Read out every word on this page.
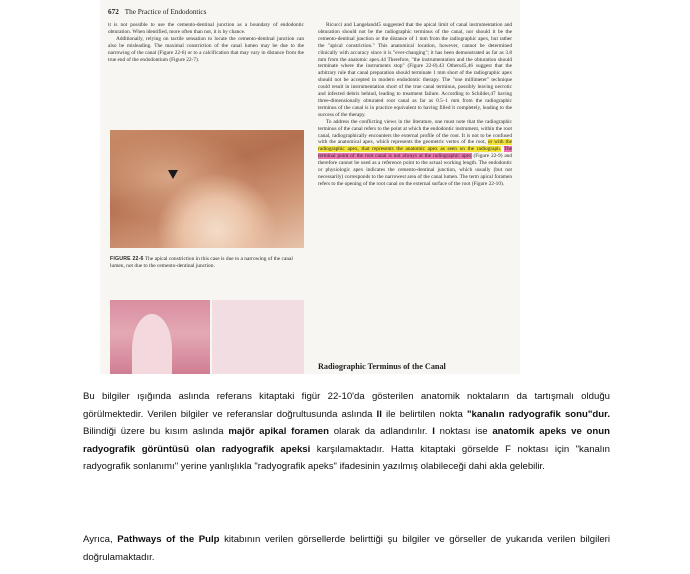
672 The Practice of Endodontics

it is not possible to use the cemento-dentinal junction as a boundary of endodontic obturation. When identified, more often than not, it is by chance.

Additionally, relying on tactile sensation to locate the cemento-dentinal junction can also be misleading. The maximal constriction of the canal lumen may be due to the narrowing of the canal (Figure 22-6) or to a calcification that may vary in distance from the true end of the endodontium (Figure 22-7).

FIGURE 22-6 The apical constriction in this case is due to a narrowing of the canal lumen, not due to the cemento-dentinal junction.

Ricucci and Langeland45 suggested that the apical limit of canal instrumentation and obturation should not be the radiographic terminus of the canal, nor should it be the cemento-dentinal junction or the distance of 1 mm from the radiographic apex, but rather the "apical constriction." This anatomical location, however, cannot be determined clinically with accuracy since it is "ever-changing"; it has been demonstrated as far as 3.8 mm from the anatomic apex.44 Therefore, "the instrumentation and the obturation should terminate where the instruments stop" (Figure 22-8).43 Others45,46 suggest that the arbitrary rule that canal preparation should terminate 1 mm short of the radiographic apex should not be accepted in modern endodontic therapy. The "one millimeter" technique could result in instrumentation short of the true canal terminus, possibly leaving necrotic and infected debris behind, leading to treatment failure. According to Schilder,47 having three-dimensionally obturated root canal as far as 0.5–1 mm from the radiographic terminus of the canal is in practice equivalent to having filled it completely, leading to the success of the therapy.

To address the conflicting views in the literature, one must note that the radiographic terminus of the canal refers to the point at which the endodontic instrument, within the root canal, radiographically encounters the external profile of the root. It is not to be confused with the anatomical apex, which represents the geometric vertex of the root, or with the radiographic apex, that represents the anatomic apex as seen on the radiograph. The terminal point of the root canal is not always at the radiographic apex (Figure 22-9) and therefore cannot be used as a reference point to the actual working length. The endodontic or physiologic apex indicates the cemento-dentinal junction, which usually (but not necessarily) corresponds to the narrowest area of the canal lumen. The term apical foramen refers to the opening of the root canal on the external surface of the root (Figure 22-10).

Radiographic Terminus of the Canal

Bu bilgiler ışığında aslında referans kitaptaki figür 22-10'da gösterilen anatomik noktaların da tartışmalı olduğu görülmektedir. Verilen bilgiler ve referanslar doğrultusunda aslında II ile belirtilen nokta "kanalın radyografik sonu"dur. Bilindiği üzere bu kısım aslında majör apikal foramen olarak da adlandırılır. I noktası ise anatomik apeks ve onun radyografik görüntüsü olan radyografik apeksi karşılamaktadır. Hatta kitaptaki görselde F noktası için "kanalın radyografik sonlanımı" yerine yanlışlıkla "radyografik apeks" ifadesinin yazılmış olabileceği dahi akla gelebilir.

Ayrıca, Pathways of the Pulp kitabının verilen görsellerde belirttiği şu bilgiler ve görseller de yukarıda verilen bilgileri doğrulamaktadır.
